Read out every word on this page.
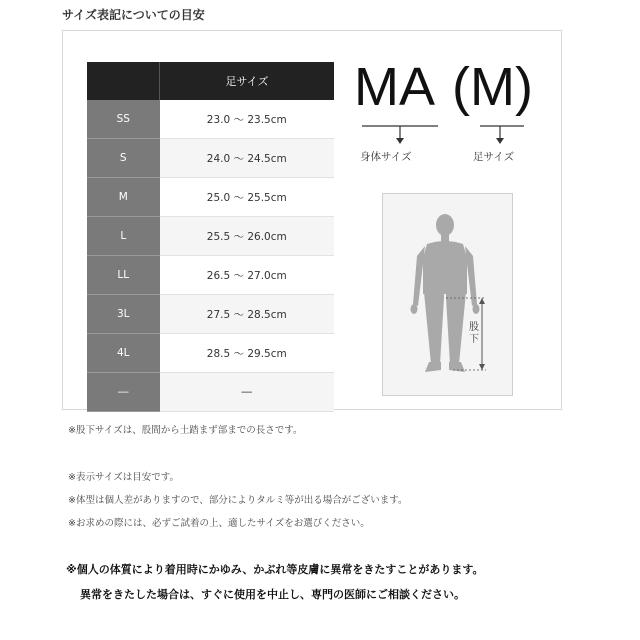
サイズ表記についての目安
	足サイズ
SS	23.0 ～ 23.5cm
S	24.0 ～ 24.5cm
M	25.0 ～ 25.5cm
L	25.5 ～ 26.0cm
LL	26.5 ～ 27.0cm
3L	27.5 ～ 28.5cm
4L	28.5 ～ 29.5cm
―	―
MA (M)
身体サイズ	足サイズ
股
下
※股下サイズは、股間から土踏まず部までの長さです。
※表示サイズは目安です。
※体型は個人差がありますので、部分によりタルミ等が出る場合がございます。
※お求めの際には、必ずご試着の上、適したサイズをお選びください。
※個人の体質により着用時にかゆみ、かぶれ等皮膚に異常をきたすことがあります。
異常をきたした場合は、すぐに使用を中止し、専門の医師にご相談ください。
